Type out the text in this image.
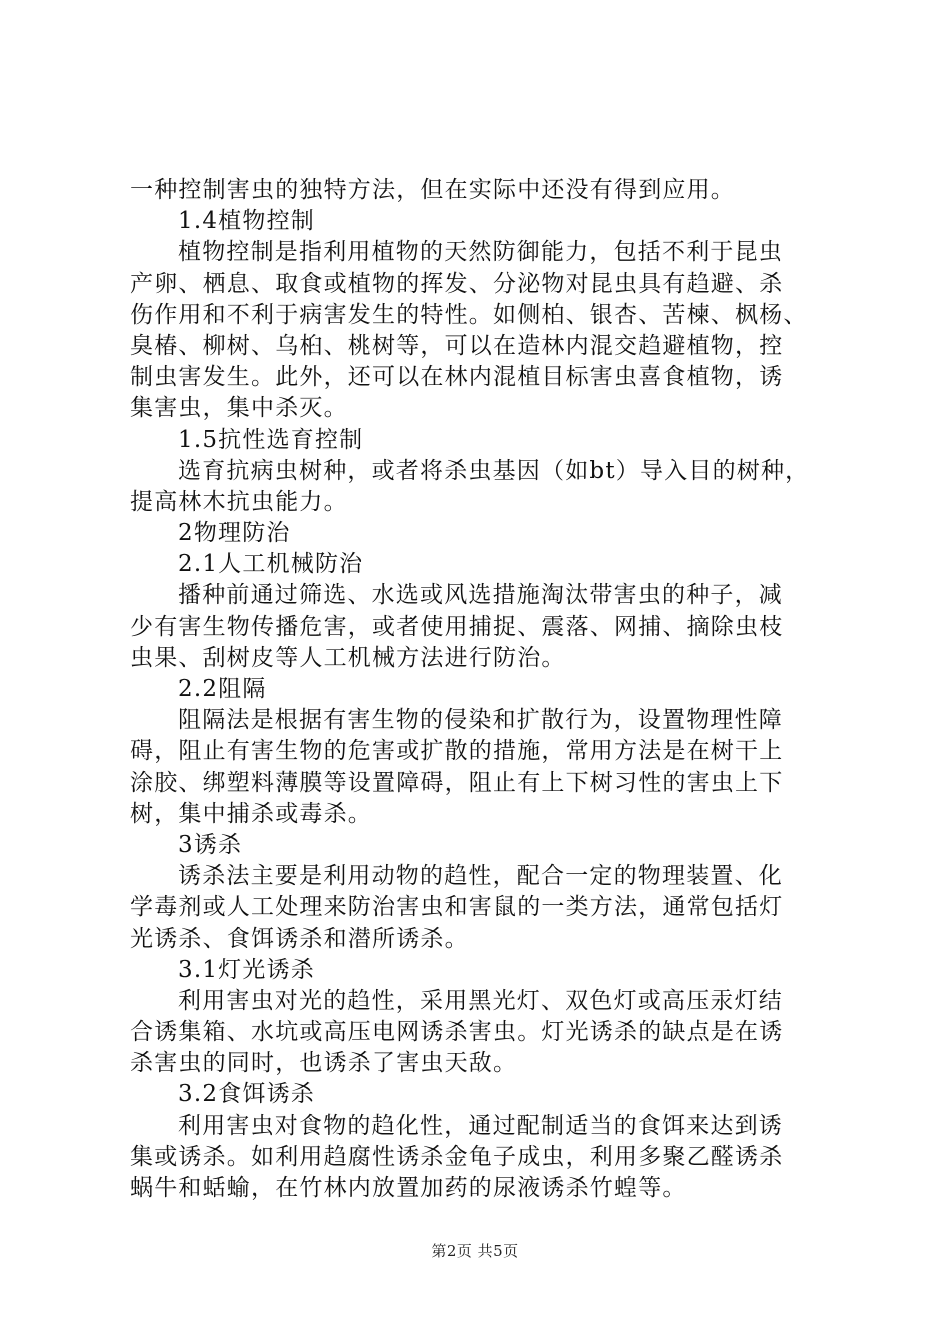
一种控制害虫的独特方法，但在实际中还没有得到应用。
1.4植物控制
植物控制是指利用植物的天然防御能力，包括不利于昆虫
产卵、栖息、取食或植物的挥发、分泌物对昆虫具有趋避、杀
伤作用和不利于病害发生的特性。如侧柏、银杏、苦楝、枫杨、
臭椿、柳树、乌桕、桃树等，可以在造林内混交趋避植物，控
制虫害发生。此外，还可以在林内混植目标害虫喜食植物，诱
集害虫，集中杀灭。
1.5抗性选育控制
选育抗病虫树种，或者将杀虫基因（如bt）导入目的树种，
提高林木抗虫能力。
2物理防治
2.1人工机械防治
播种前通过筛选、水选或风选措施淘汰带害虫的种子，减
少有害生物传播危害，或者使用捕捉、震落、网捕、摘除虫枝
虫果、刮树皮等人工机械方法进行防治。
2.2阻隔
阻隔法是根据有害生物的侵染和扩散行为，设置物理性障
碍，阻止有害生物的危害或扩散的措施，常用方法是在树干上
涂胶、绑塑料薄膜等设置障碍，阻止有上下树习性的害虫上下
树，集中捕杀或毒杀。
3诱杀
诱杀法主要是利用动物的趋性，配合一定的物理装置、化
学毒剂或人工处理来防治害虫和害鼠的一类方法，通常包括灯
光诱杀、食饵诱杀和潜所诱杀。
3.1灯光诱杀
利用害虫对光的趋性，采用黑光灯、双色灯或高压汞灯结
合诱集箱、水坑或高压电网诱杀害虫。灯光诱杀的缺点是在诱
杀害虫的同时，也诱杀了害虫天敌。
3.2食饵诱杀
利用害虫对食物的趋化性，通过配制适当的食饵来达到诱
集或诱杀。如利用趋腐性诱杀金龟子成虫，利用多聚乙醛诱杀
蜗牛和蛞蝓，在竹林内放置加药的尿液诱杀竹蝗等。
第2页 共5页
